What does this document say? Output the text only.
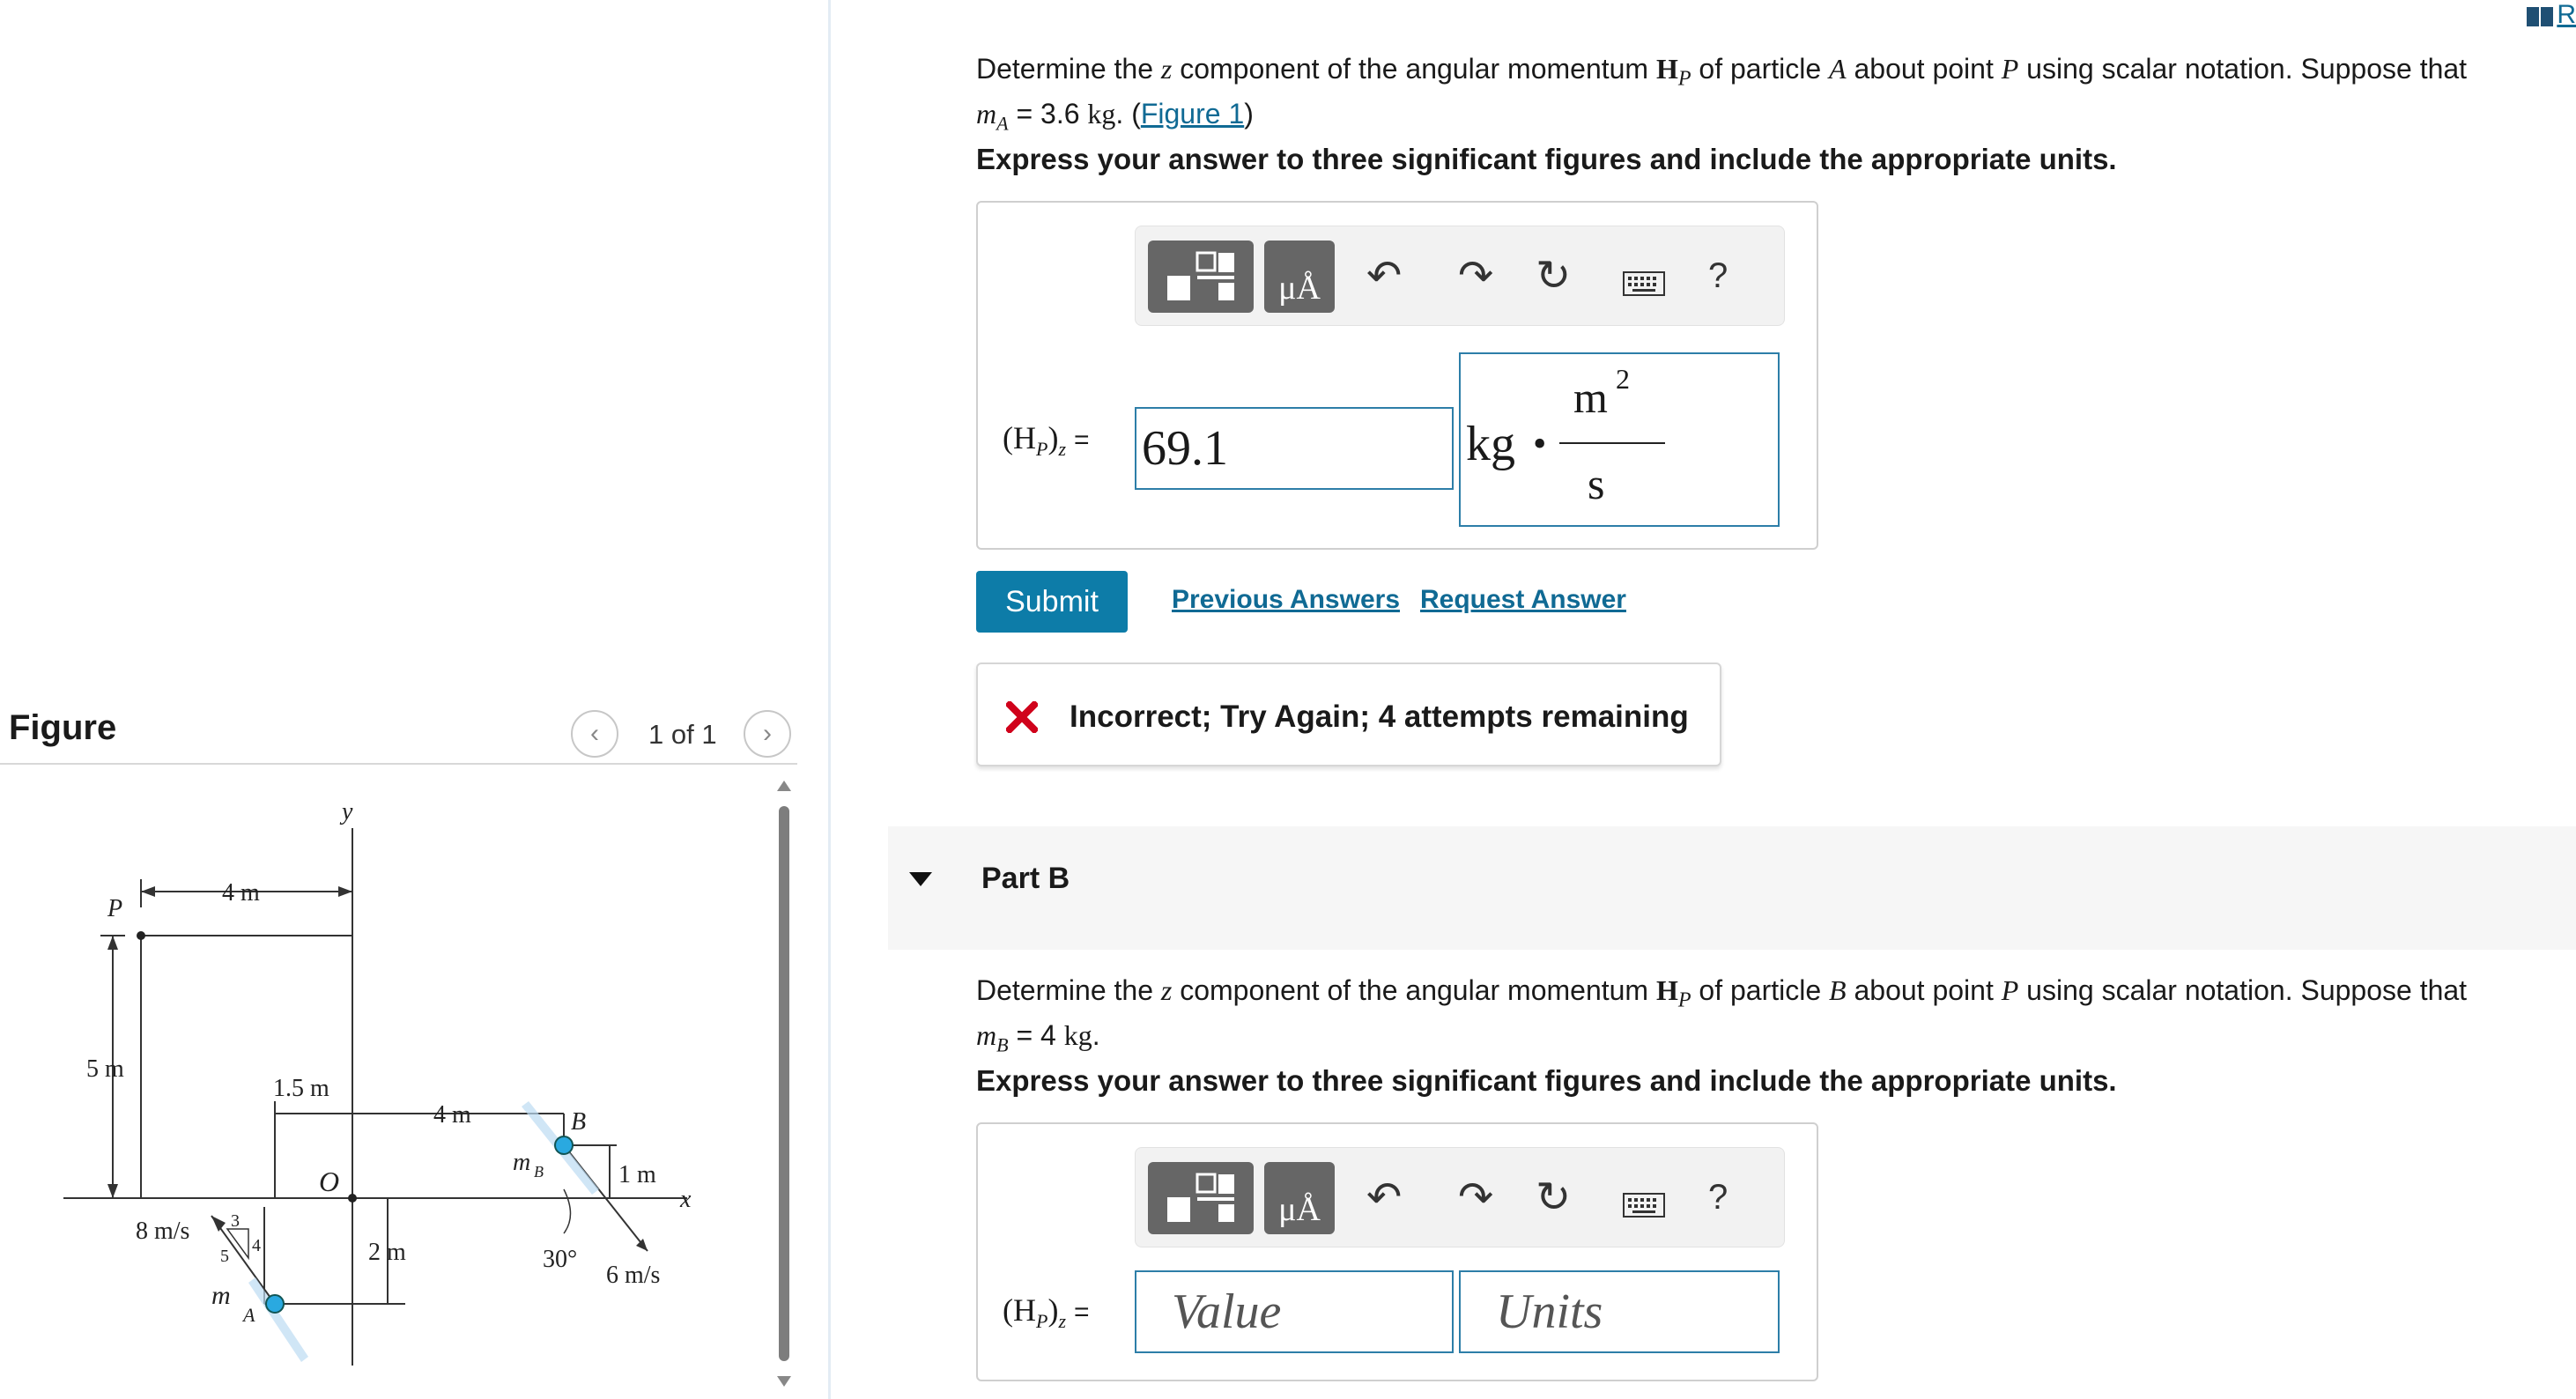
Figure	‹ 1 of 1 ›
y
x
O
P
B
4 m
5 m
1.5 m
4 m
1 m
2 m
m B
m
A
8 m/s
6 m/s
30°
3
4
5
R
Determine the z component of the angular momentum $H_P$ of particle A about point P using scalar notation. Suppose that
$m_A = 3.6$ kg. (Figure 1)
Express your answer to three significant figures and include the appropriate units.
μÅ	↶ ↷ ↻	?
$(H_P)_z = 69.1$	kg •
m 2
s
Submit	Previous Answers Request Answer
Incorrect; Try Again; 4 attempts remaining
Part B
Determine the z component of the angular momentum $H_P$ of particle B about point P using scalar notation. Suppose that
$m_B = 4$ kg.
Express your answer to three significant figures and include the appropriate units.
μÅ	↶ ↷ ↻	?
$(H_P)_z$ =	Value	Units
